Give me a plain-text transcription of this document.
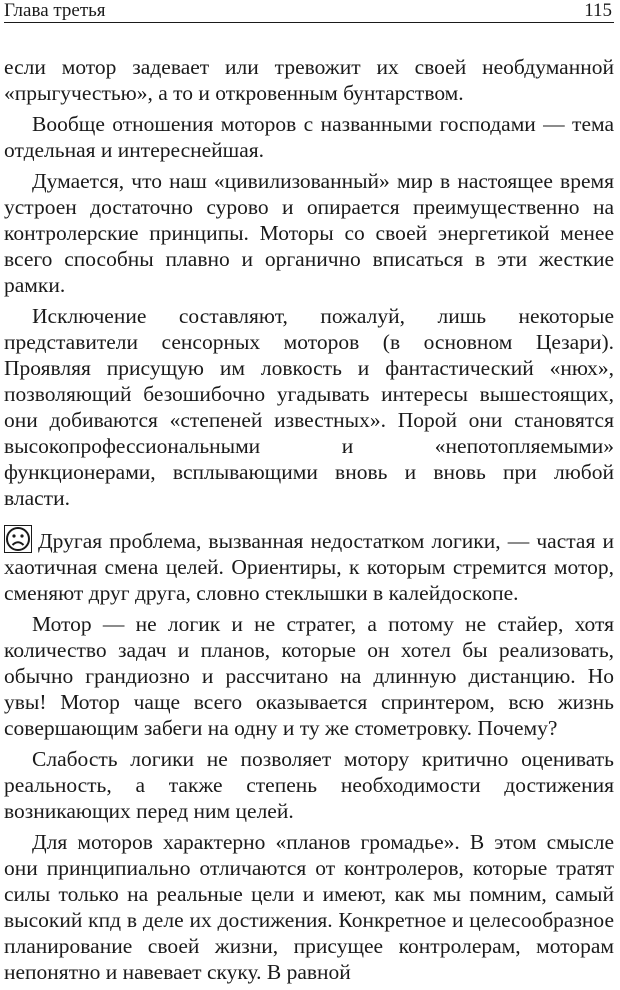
Глава третья	115

если мотор задевает или тревожит их своей необдуманной «прыгучестью», а то и откровенным бунтарством.

Вообще отношения моторов с названными господами — тема отдельная и интереснейшая.

Думается, что наш «цивилизованный» мир в настоящее время устроен достаточно сурово и опирается преимущественно на контролерские принципы. Моторы со своей энергетикой менее всего способны плавно и органично вписаться в эти жесткие рамки.

Исключение составляют, пожалуй, лишь некоторые представители сенсорных моторов (в основном Цезари). Проявляя присущую им ловкость и фантастический «нюх», позволяющий безошибочно угадывать интересы вышестоящих, они добиваются «степеней известных». Порой они становятся высокопрофессиональными и «непотопляемыми» функционерами, всплывающими вновь и вновь при любой власти.

Другая проблема, вызванная недостатком логики, — частая и хаотичная смена целей. Ориентиры, к которым стремится мотор, сменяют друг друга, словно стеклышки в калейдоскопе.

Мотор — не логик и не стратег, а потому не стайер, хотя количество задач и планов, которые он хотел бы реализовать, обычно грандиозно и рассчитано на длинную дистанцию. Но увы! Мотор чаще всего оказывается спринтером, всю жизнь совершающим забеги на одну и ту же стометровку. Почему?

Слабость логики не позволяет мотору критично оценивать реальность, а также степень необходимости достижения возникающих перед ним целей.

Для моторов характерно «планов громадье». В этом смысле они принципиально отличаются от контролеров, которые тратят силы только на реальные цели и имеют, как мы помним, самый высокий кпд в деле их достижения. Конкретное и целесообразное планирование своей жизни, присущее контролерам, моторам непонятно и навевает скуку. В равной
